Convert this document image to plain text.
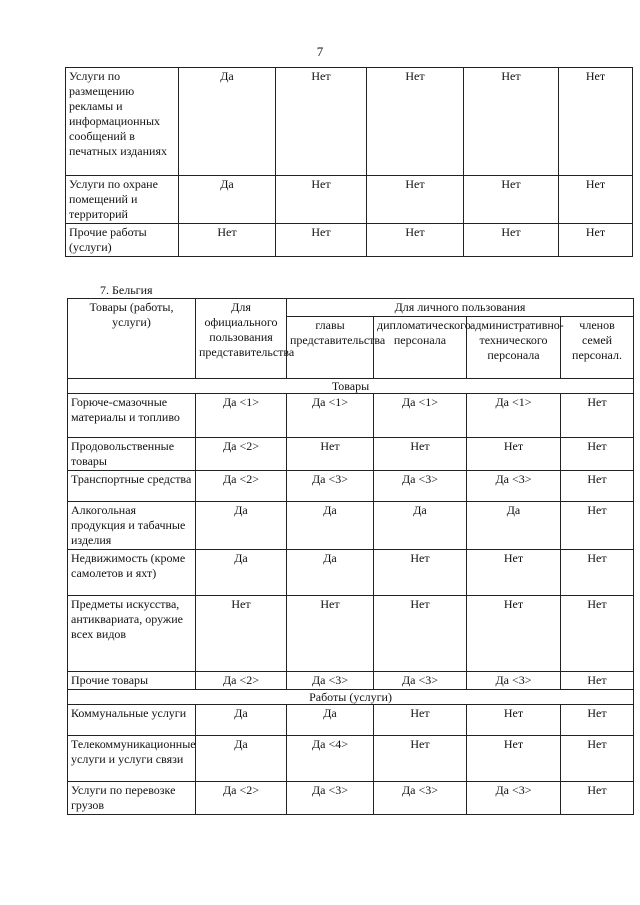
7
Услуги по размещению рекламы и информационных сообщений в печатных изданиях	Да	Нет	Нет	Нет	Нет
Услуги по охране помещений и территорий	Да	Нет	Нет	Нет	Нет
Прочие работы (услуги)	Нет	Нет	Нет	Нет	Нет
7. Бельгия
Товары (работы, услуги)	Для официального пользования представительства	Для личного пользования			
		главы представительства	дипломатического персонала	административно-технического персонала	членов семей персонал.
Товары					
Горюче-смазочные материалы и топливо	Да <1>	Да <1>	Да <1>	Да <1>	Нет
Продовольственные товары	Да <2>	Нет	Нет	Нет	Нет
Транспортные средства	Да <2>	Да <3>	Да <3>	Да <3>	Нет
Алкогольная продукция и табачные изделия	Да	Да	Да	Да	Нет
Недвижимость (кроме самолетов и яхт)	Да	Да	Нет	Нет	Нет
Предметы искусства, антиквариата, оружие всех видов	Нет	Нет	Нет	Нет	Нет
Прочие товары	Да <2>	Да <3>	Да <3>	Да <3>	Нет
Работы (услуги)					
Коммунальные услуги	Да	Да	Нет	Нет	Нет
Телекоммуникационные услуги и услуги связи	Да	Да <4>	Нет	Нет	Нет
Услуги по перевозке грузов	Да <2>	Да <3>	Да <3>	Да <3>	Нет
